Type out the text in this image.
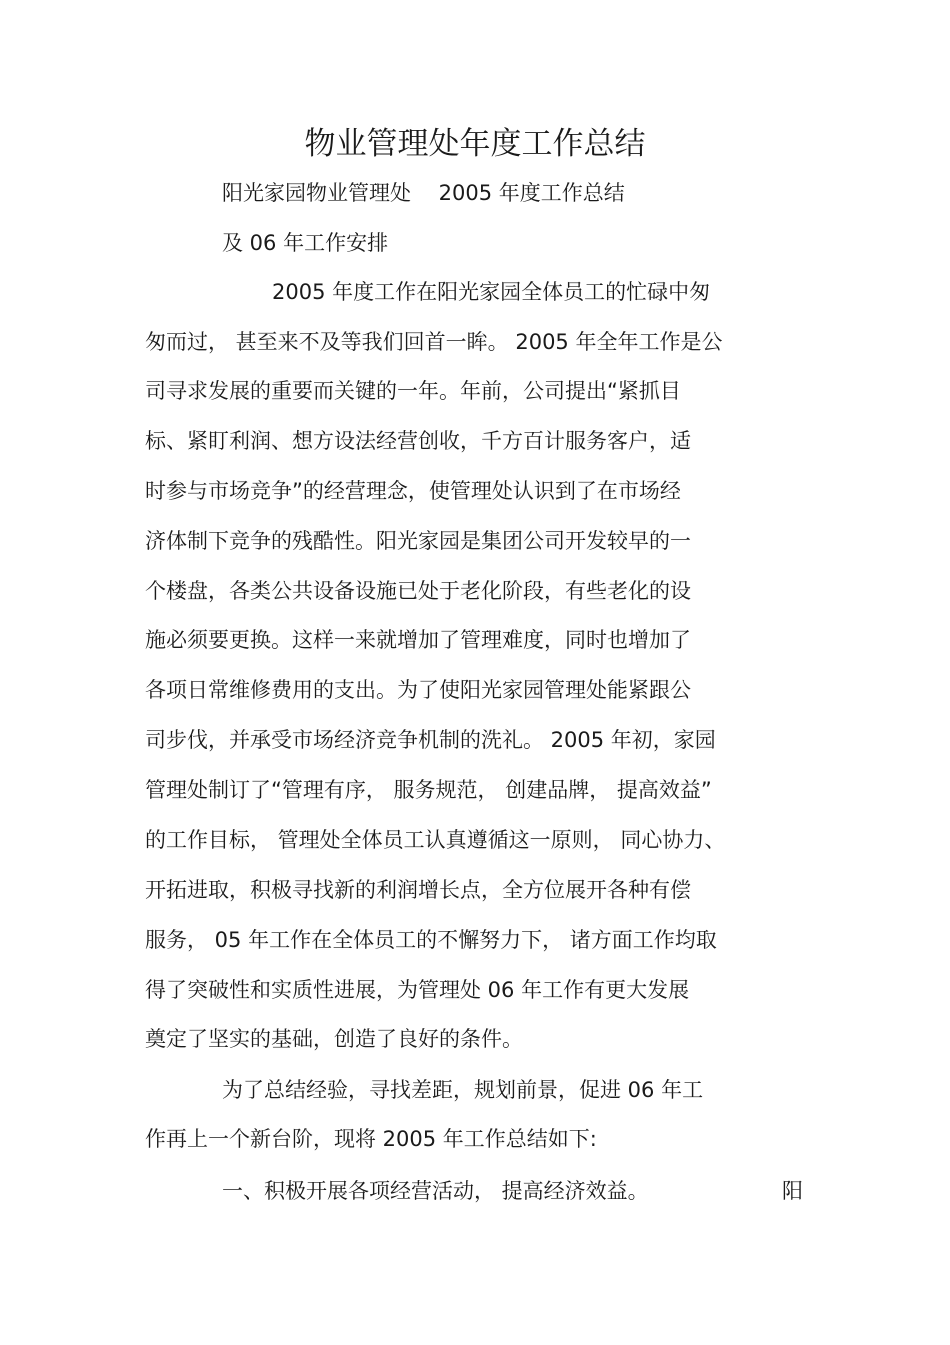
物业管理处年度工作总结
阳光家园物业管理处　 2005 年度工作总结
及 06 年工作安排
2005 年度工作在阳光家园全体员工的忙碌中匆
匆而过， 甚至来不及等我们回首一眸。 2005 年全年工作是公
司寻求发展的重要而关键的一年。年前，公司提出“紧抓目
标、紧盯利润、想方设法经营创收，千方百计服务客户，适
时参与市场竞争”的经营理念，使管理处认识到了在市场经
济体制下竞争的残酷性。阳光家园是集团公司开发较早的一
个楼盘，各类公共设备设施已处于老化阶段，有些老化的设
施必须要更换。这样一来就增加了管理难度，同时也增加了
各项日常维修费用的支出。为了使阳光家园管理处能紧跟公
司步伐，并承受市场经济竞争机制的洗礼。 2005 年初，家园
管理处制订了“管理有序， 服务规范， 创建品牌， 提高效益”
的工作目标， 管理处全体员工认真遵循这一原则， 同心协力、
开拓进取，积极寻找新的利润增长点，全方位展开各种有偿
服务， 05 年工作在全体员工的不懈努力下， 诸方面工作均取
得了突破性和实质性进展，为管理处 06 年工作有更大发展
奠定了坚实的基础，创造了良好的条件。
为了总结经验，寻找差距，规划前景，促进 06 年工
作再上一个新台阶，现将 2005 年工作总结如下:
一、积极开展各项经营活动， 提高经济效益。	阳
